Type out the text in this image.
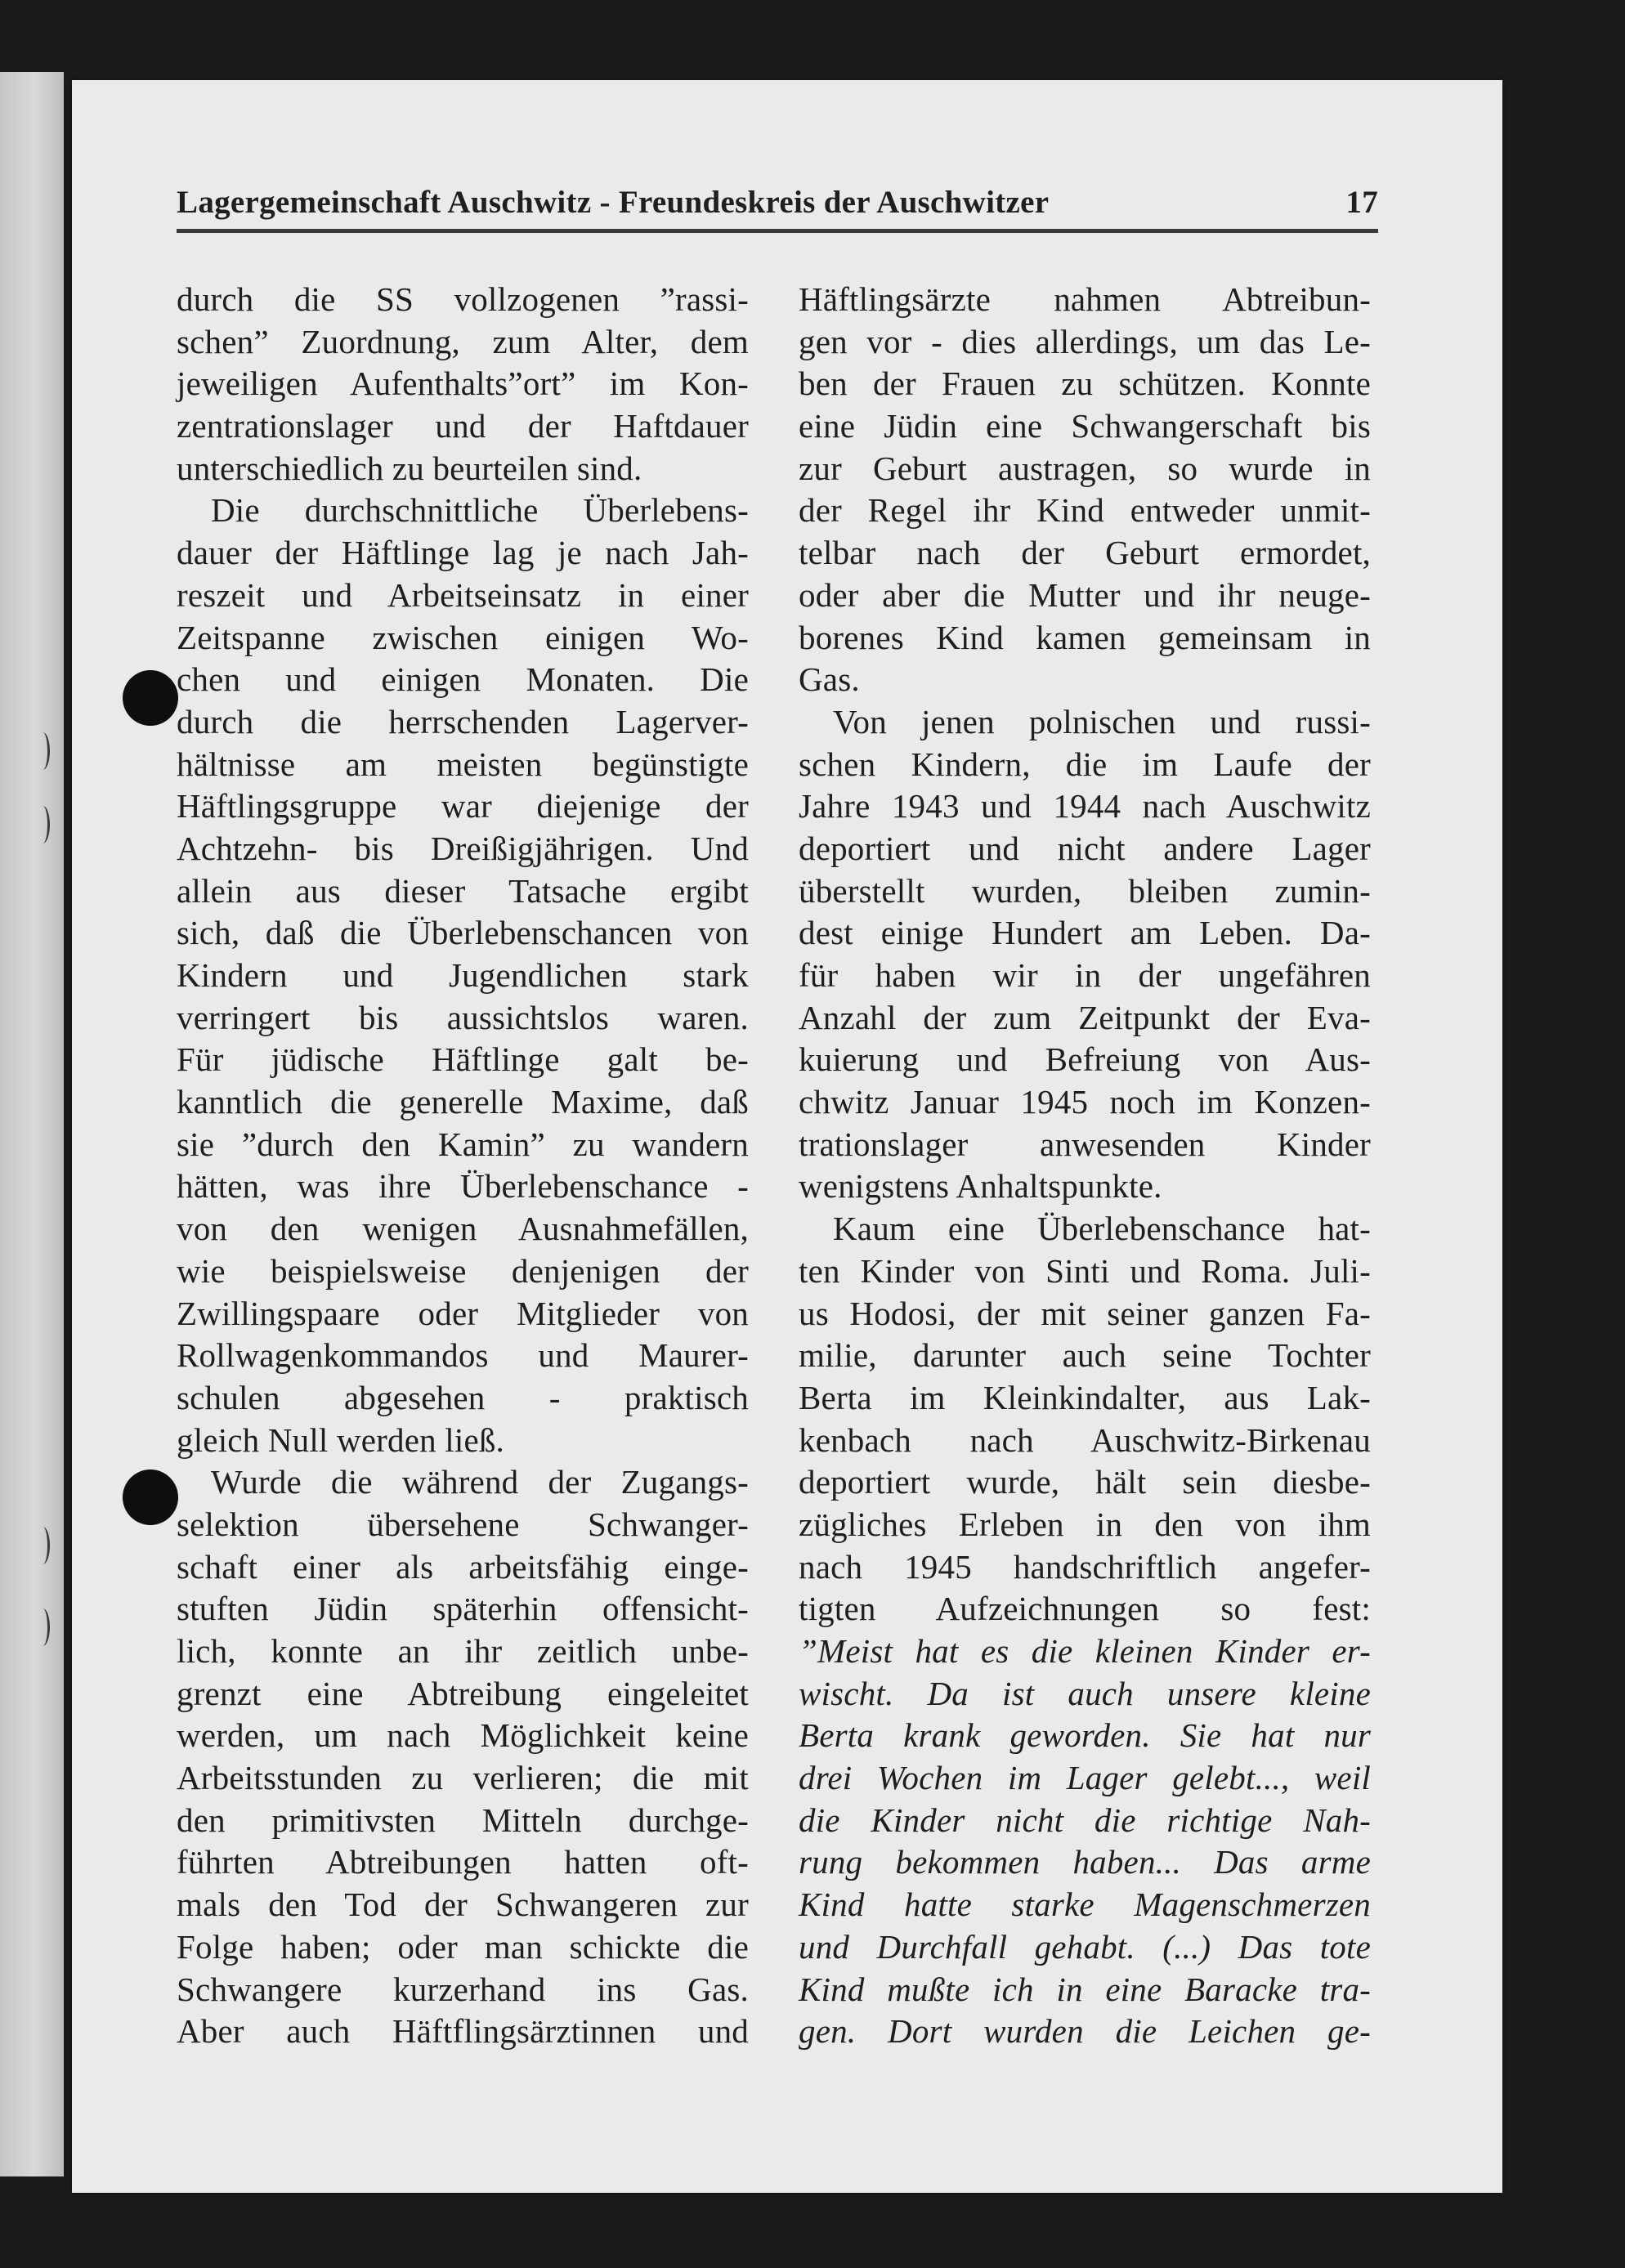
Lagergemeinschaft Auschwitz - Freundeskreis der Auschwitzer	17
durch die SS vollzogenen ”rassi-
schen” Zuordnung, zum Alter, dem
jeweiligen Aufenthalts”ort” im Kon-
zentrationslager und der Haftdauer
unterschiedlich zu beurteilen sind.
Die durchschnittliche Überlebens-
dauer der Häftlinge lag je nach Jah-
reszeit und Arbeitseinsatz in einer
Zeitspanne zwischen einigen Wo-
chen und einigen Monaten. Die
durch die herrschenden Lagerver-
hältnisse am meisten begünstigte
Häftlingsgruppe war diejenige der
Achtzehn- bis Dreißigjährigen. Und
allein aus dieser Tatsache ergibt
sich, daß die Überlebenschancen von
Kindern und Jugendlichen stark
verringert bis aussichtslos waren.
Für jüdische Häftlinge galt be-
kanntlich die generelle Maxime, daß
sie ”durch den Kamin” zu wandern
hätten, was ihre Überlebenschance -
von den wenigen Ausnahmefällen,
wie beispielsweise denjenigen der
Zwillingspaare oder Mitglieder von
Rollwagenkommandos und Maurer-
schulen abgesehen - praktisch
gleich Null werden ließ.
Wurde die während der Zugangs-
selektion übersehene Schwanger-
schaft einer als arbeitsfähig einge-
stuften Jüdin späterhin offensicht-
lich, konnte an ihr zeitlich unbe-
grenzt eine Abtreibung eingeleitet
werden, um nach Möglichkeit keine
Arbeitsstunden zu verlieren; die mit
den primitivsten Mitteln durchge-
führten Abtreibungen hatten oft-
mals den Tod der Schwangeren zur
Folge haben; oder man schickte die
Schwangere kurzerhand ins Gas.
Aber auch Häftflingsärztinnen und
Häftlingsärzte nahmen Abtreibun-
gen vor - dies allerdings, um das Le-
ben der Frauen zu schützen. Konnte
eine Jüdin eine Schwangerschaft bis
zur Geburt austragen, so wurde in
der Regel ihr Kind entweder unmit-
telbar nach der Geburt ermordet,
oder aber die Mutter und ihr neuge-
borenes Kind kamen gemeinsam in
Gas.
Von jenen polnischen und russi-
schen Kindern, die im Laufe der
Jahre 1943 und 1944 nach Auschwitz
deportiert und nicht andere Lager
überstellt wurden, bleiben zumin-
dest einige Hundert am Leben. Da-
für haben wir in der ungefähren
Anzahl der zum Zeitpunkt der Eva-
kuierung und Befreiung von Aus-
chwitz Januar 1945 noch im Konzen-
trationslager anwesenden Kinder
wenigstens Anhaltspunkte.
Kaum eine Überlebenschance hat-
ten Kinder von Sinti und Roma. Juli-
us Hodosi, der mit seiner ganzen Fa-
milie, darunter auch seine Tochter
Berta im Kleinkindalter, aus Lak-
kenbach nach Auschwitz-Birkenau
deportiert wurde, hält sein diesbe-
zügliches Erleben in den von ihm
nach 1945 handschriftlich angefer-
tigten Aufzeichnungen so fest:
”Meist hat es die kleinen Kinder er-
wischt. Da ist auch unsere kleine
Berta krank geworden. Sie hat nur
drei Wochen im Lager gelebt..., weil
die Kinder nicht die richtige Nah-
rung bekommen haben... Das arme
Kind hatte starke Magenschmerzen
und Durchfall gehabt. (...) Das tote
Kind mußte ich in eine Baracke tra-
gen. Dort wurden die Leichen ge-
